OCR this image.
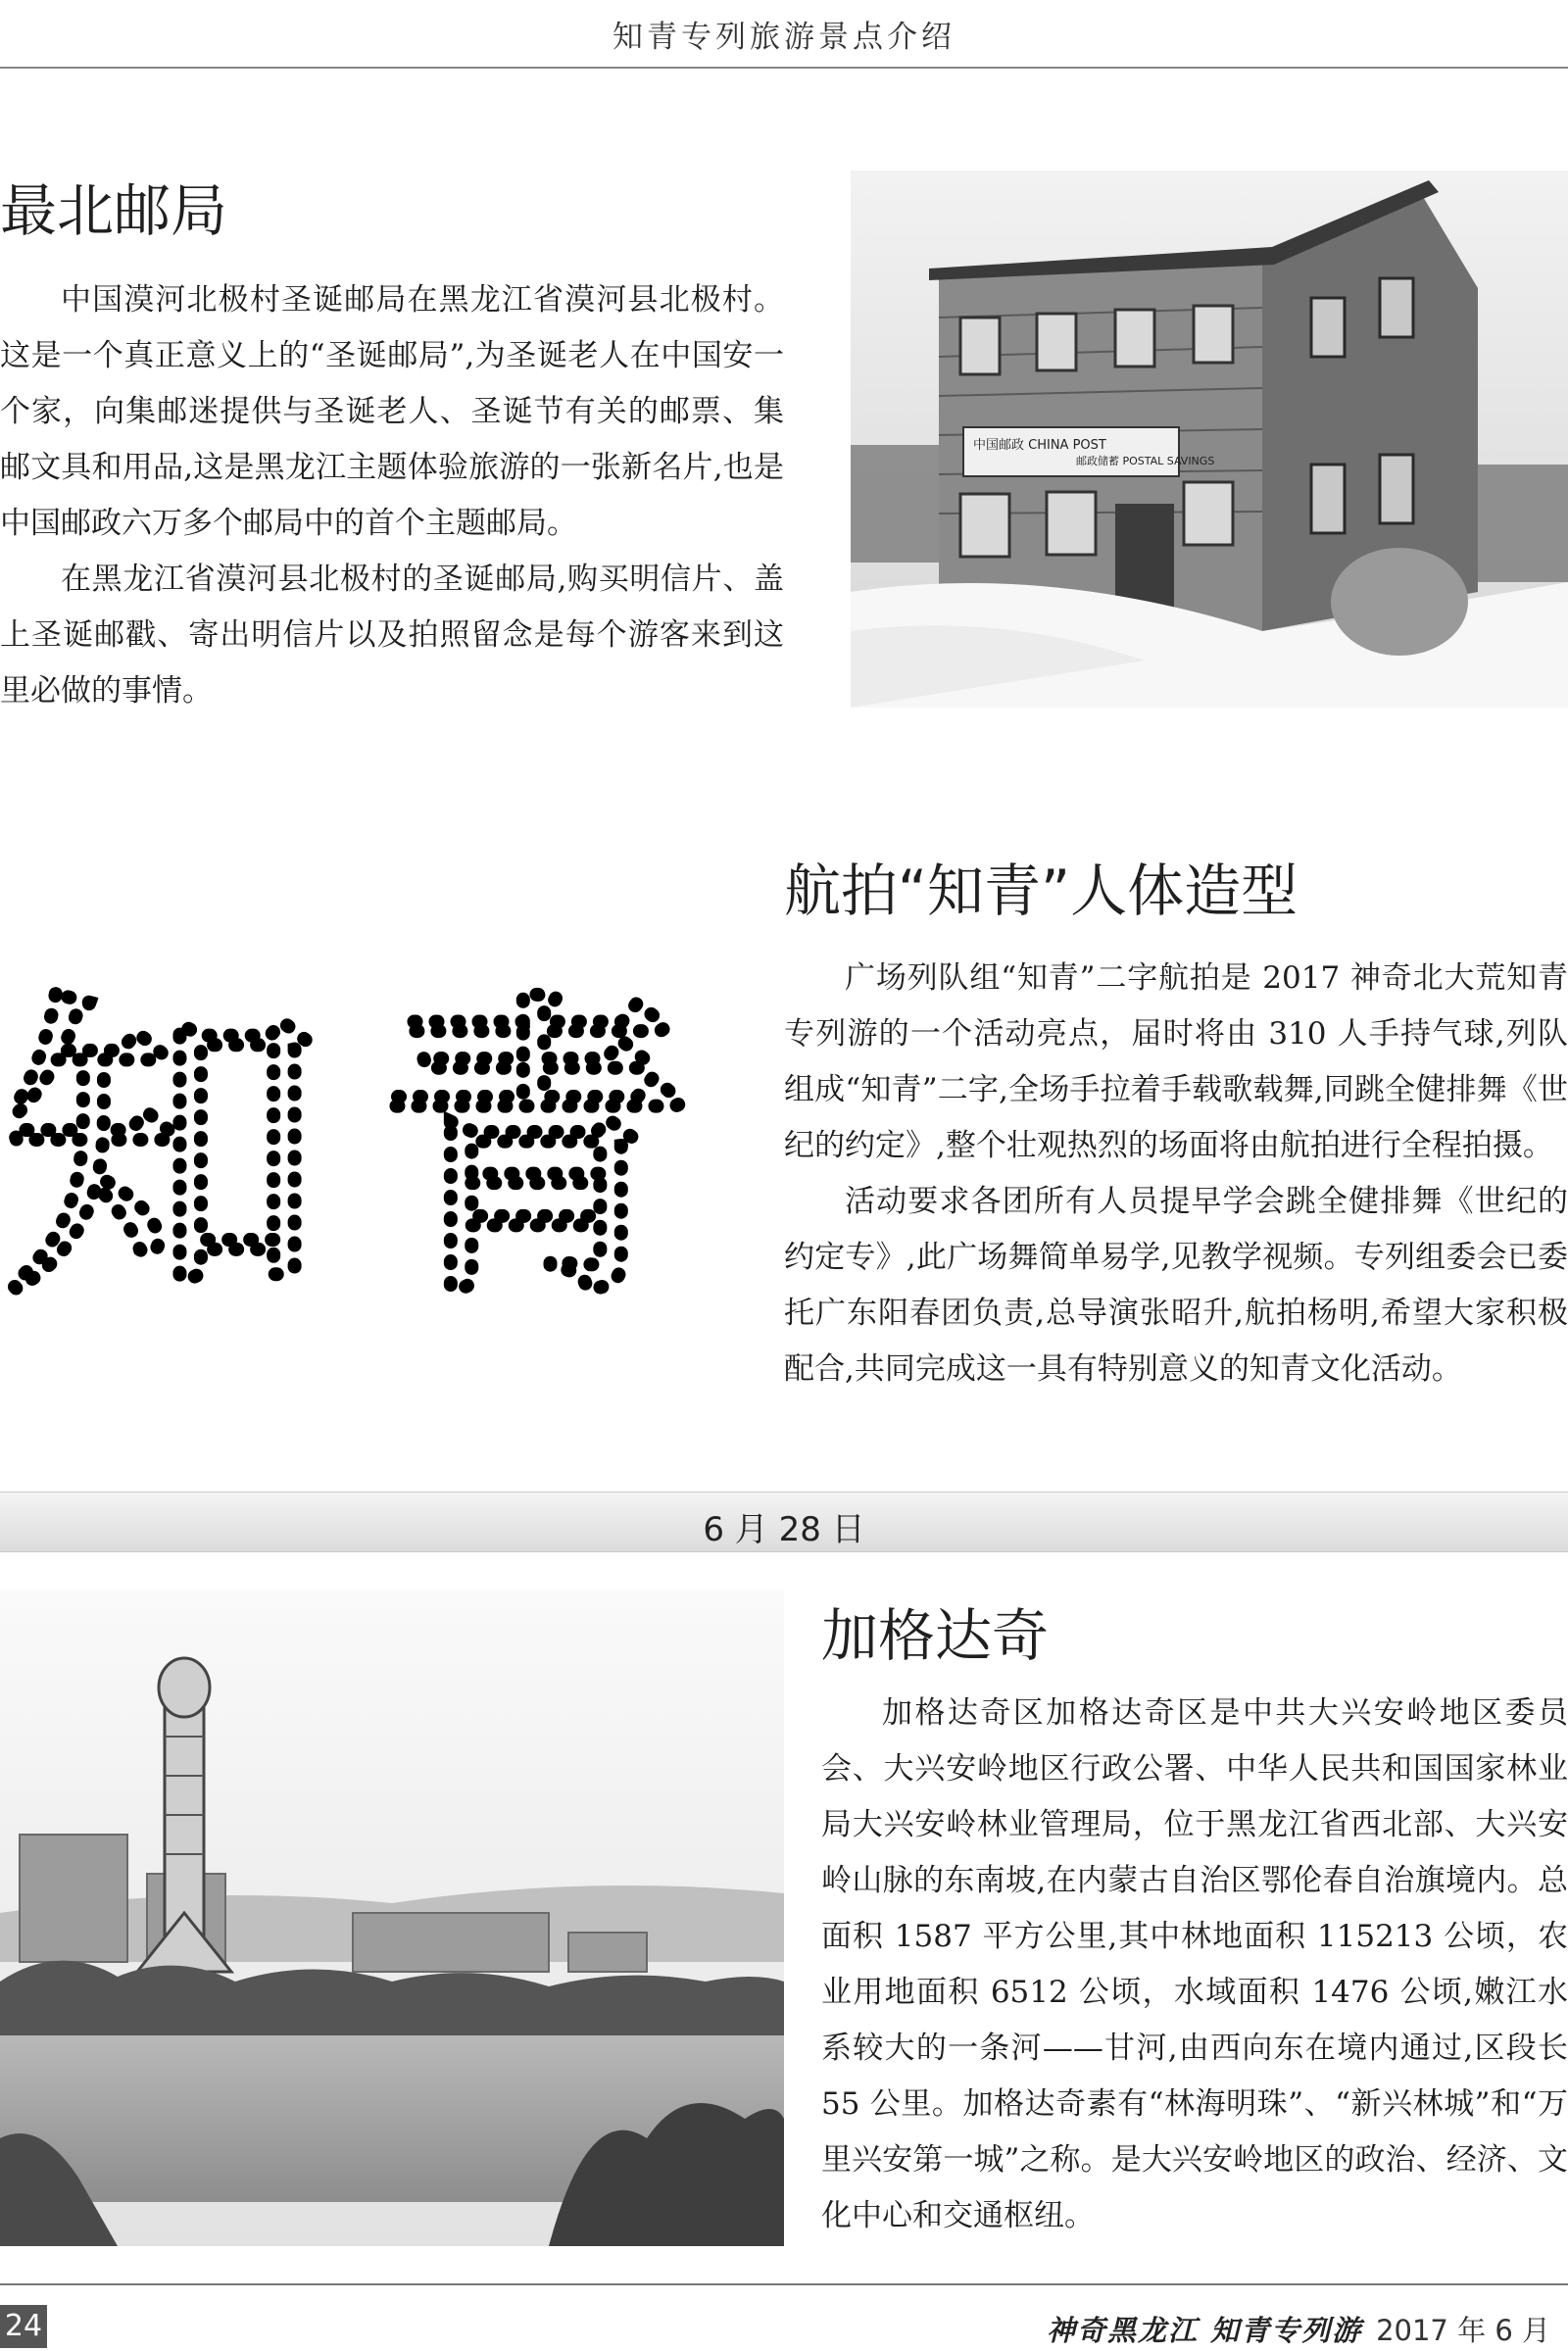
知青专列旅游景点介绍
最北邮局

中国漠河北极村圣诞邮局在黑龙江省漠河县北极村。这是一个真正意义上的“圣诞邮局”,为圣诞老人在中国安一个家，向集邮迷提供与圣诞老人、圣诞节有关的邮票、集邮文具和用品,这是黑龙江主题体验旅游的一张新名片,也是中国邮政六万多个邮局中的首个主题邮局。

在黑龙江省漠河县北极村的圣诞邮局,购买明信片、盖上圣诞邮戳、寄出明信片以及拍照留念是每个游客来到这里必做的事情。

中国邮政 CHINA POST
邮政储蓄 POSTAL SAVINGS
航拍“知青”人体造型
知 青	广场列队组“知青”二字航拍是 2017 神奇北大荒知青专列游的一个活动亮点，届时将由 310 人手持气球,列队组成“知青”二字,全场手拉着手载歌载舞,同跳全健排舞《世纪的约定》,整个壮观热烈的场面将由航拍进行全程拍摄。

活动要求各团所有人员提早学会跳全健排舞《世纪的约定专》,此广场舞简单易学,见教学视频。专列组委会已委托广东阳春团负责,总导演张昭升,航拍杨明,希望大家积极配合,共同完成这一具有特别意义的知青文化活动。

6 月 28 日
加格达奇

加格达奇区加格达奇区是中共大兴安岭地区委员会、大兴安岭地区行政公署、中华人民共和国国家林业局大兴安岭林业管理局，位于黑龙江省西北部、大兴安岭山脉的东南坡,在内蒙古自治区鄂伦春自治旗境内。总面积 1587 平方公里,其中林地面积 115213 公顷，农业用地面积 6512 公顷，水域面积 1476 公顷,嫩江水系较大的一条河——甘河,由西向东在境内通过,区段长 55 公里。加格达奇素有“林海明珠”、“新兴林城”和“万里兴安第一城”之称。是大兴安岭地区的政治、经济、文化中心和交通枢纽。

24	神奇黑龙江 知青专列游 2017 年 6 月
